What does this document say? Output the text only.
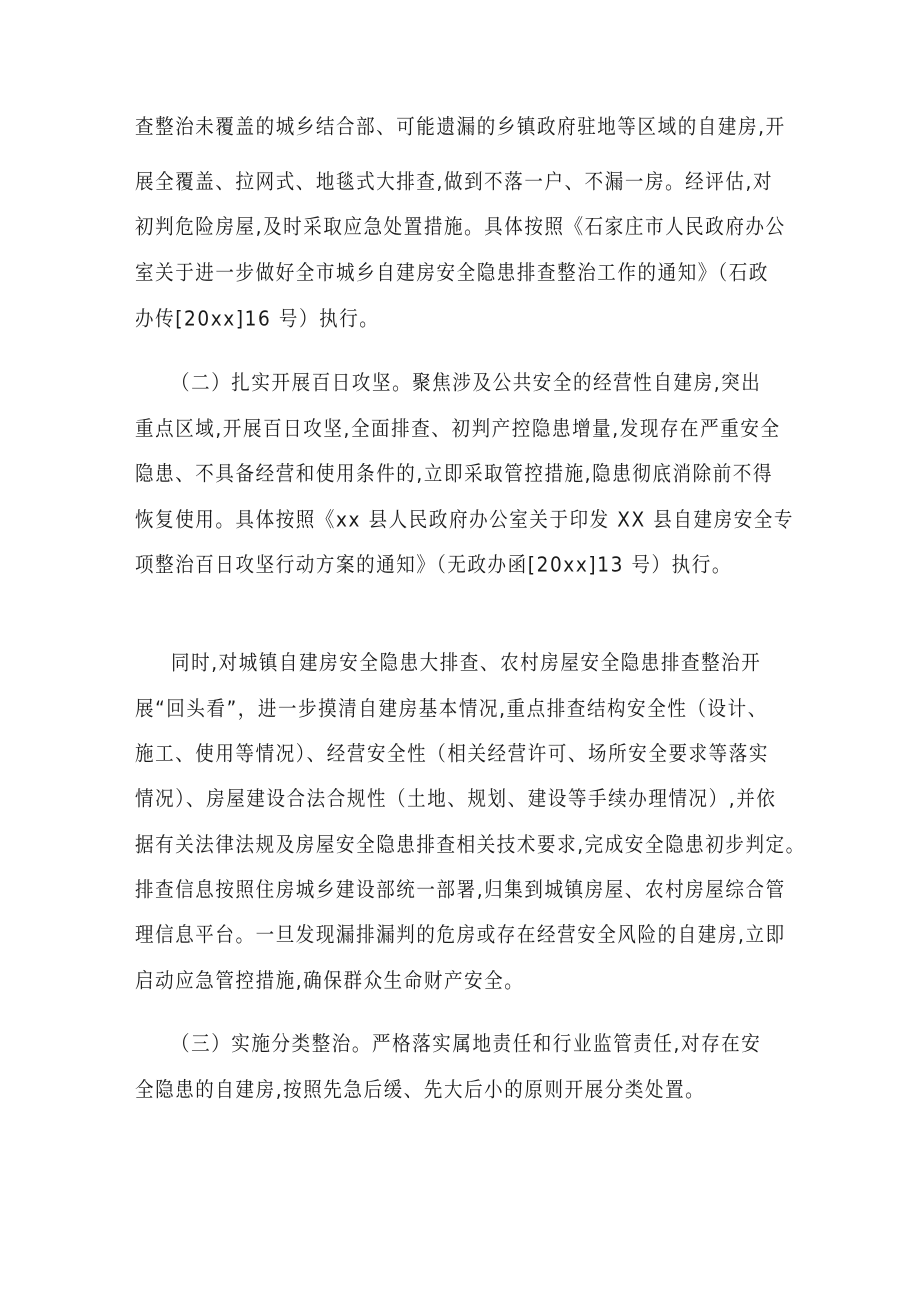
查整治未覆盖的城乡结合部、可能遗漏的乡镇政府驻地等区域的自建房,开
展全覆盖、拉网式、地毯式大排查,做到不落一户、不漏一房。经评估,对
初判危险房屋,及时采取应急处置措施。具体按照《石家庄市人民政府办公
室关于进一步做好全市城乡自建房安全隐患排查整治工作的通知》（石政
办传[20xx]16 号）执行。
（二）扎实开展百日攻坚。聚焦涉及公共安全的经营性自建房,突出
重点区域,开展百日攻坚,全面排查、初判产控隐患增量,发现存在严重安全
隐患、不具备经营和使用条件的,立即采取管控措施,隐患彻底消除前不得
恢复使用。具体按照《xx 县人民政府办公室关于印发 XX 县自建房安全专
项整治百日攻坚行动方案的通知》（无政办函[20xx]13 号）执行。
同时,对城镇自建房安全隐患大排查、农村房屋安全隐患排查整治开
展“回头看”，进一步摸清自建房基本情况,重点排查结构安全性（设计、
施工、使用等情况）、经营安全性（相关经营许可、场所安全要求等落实
情况）、房屋建设合法合规性（土地、规划、建设等手续办理情况）,并依
据有关法律法规及房屋安全隐患排查相关技术要求,完成安全隐患初步判定。
排查信息按照住房城乡建设部统一部署,归集到城镇房屋、农村房屋综合管
理信息平台。一旦发现漏排漏判的危房或存在经营安全风险的自建房,立即
启动应急管控措施,确保群众生命财产安全。
（三）实施分类整治。严格落实属地责任和行业监管责任,对存在安
全隐患的自建房,按照先急后缓、先大后小的原则开展分类处置。
